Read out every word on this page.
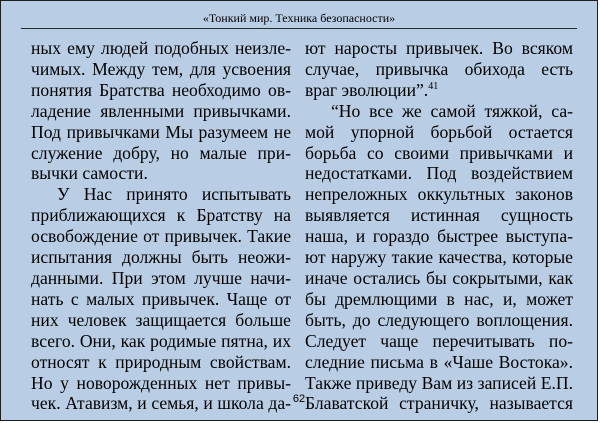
«Тонкий мир. Техника безопасности»
ных ему людей подобных неизле-
чимых. Между тем, для усвоения
понятия Братства необходимо ов-
ладение явленными привычками.
Под привычками Мы разумеем не
служение добру, но малые при-
вычки самости.
У Нас принято испытывать
приближающихся к Братству на
освобождение от привычек. Такие
испытания должны быть неожи-
данными. При этом лучше начи-
нать с малых привычек. Чаще от
них человек защищается больше
всего. Они, как родимые пятна, их
относят к природным свойствам.
Но у новорожденных нет привы-
чек. Атавизм, и семья, и школа да-
ют наросты привычек. Во всяком
случае, привычка обихода есть
враг эволюции”.$^{41}$
“Но все же самой тяжкой, са-
мой упорной борьбой остается
борьба со своими привычками и
недостатками. Под воздействием
непреложных оккультных законов
выявляется истинная сущность
наша, и гораздо быстрее выступа-
ют наружу такие качества, которые
иначе остались бы сокрытыми, как
бы дремлющими в нас, и, может
быть, до следующего воплощения.
Следует чаще перечитывать по-
следние письма в «Чаше Востока».
Также приведу Вам из записей Е.П.
Блаватской страничку, называется
62
